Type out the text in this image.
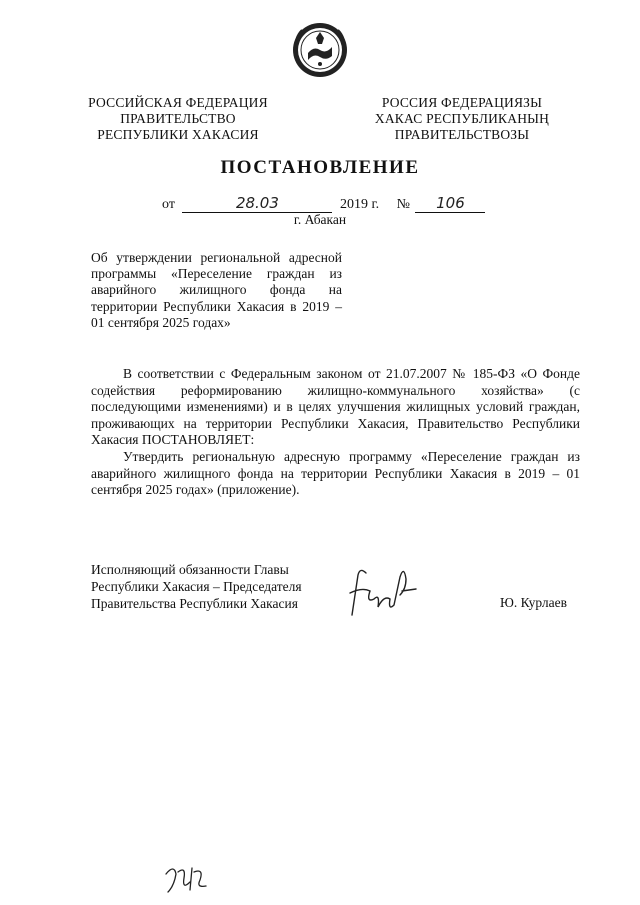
РОССИЙСКАЯ ФЕДЕРАЦИЯ
ПРАВИТЕЛЬСТВО
РЕСПУБЛИКИ ХАКАСИЯ
РОССИЯ ФЕДЕРАЦИЯЗЫ
ХАКАС РЕСПУБЛИКАНЫҢ
ПРАВИТЕЛЬСТВОЗЫ
ПОСТАНОВЛЕНИЕ
от	28.03	2019 г. № 106
г. Абакан
Об утверждении региональной адресной программы «Переселение граждан из аварийного жилищного фонда на территории Республики Хакасия в 2019 – 01 сентября 2025 годах»

В соответствии с Федеральным законом от 21.07.2007 № 185-ФЗ «О Фонде содействия реформированию жилищно-коммунального хозяйства» (с последующими изменениями) и в целях улучшения жилищных условий граждан, проживающих на территории Республики Хакасия, Правительство Республики Хакасия ПОСТАНОВЛЯЕТ:

Утвердить региональную адресную программу «Переселение граждан из аварийного жилищного фонда на территории Республики Хакасия в 2019 – 01 сентября 2025 годах» (приложение).

Исполняющий обязанности Главы
Республики Хакасия – Председателя
Правительства Республики Хакасия	Ю. Курлаев
